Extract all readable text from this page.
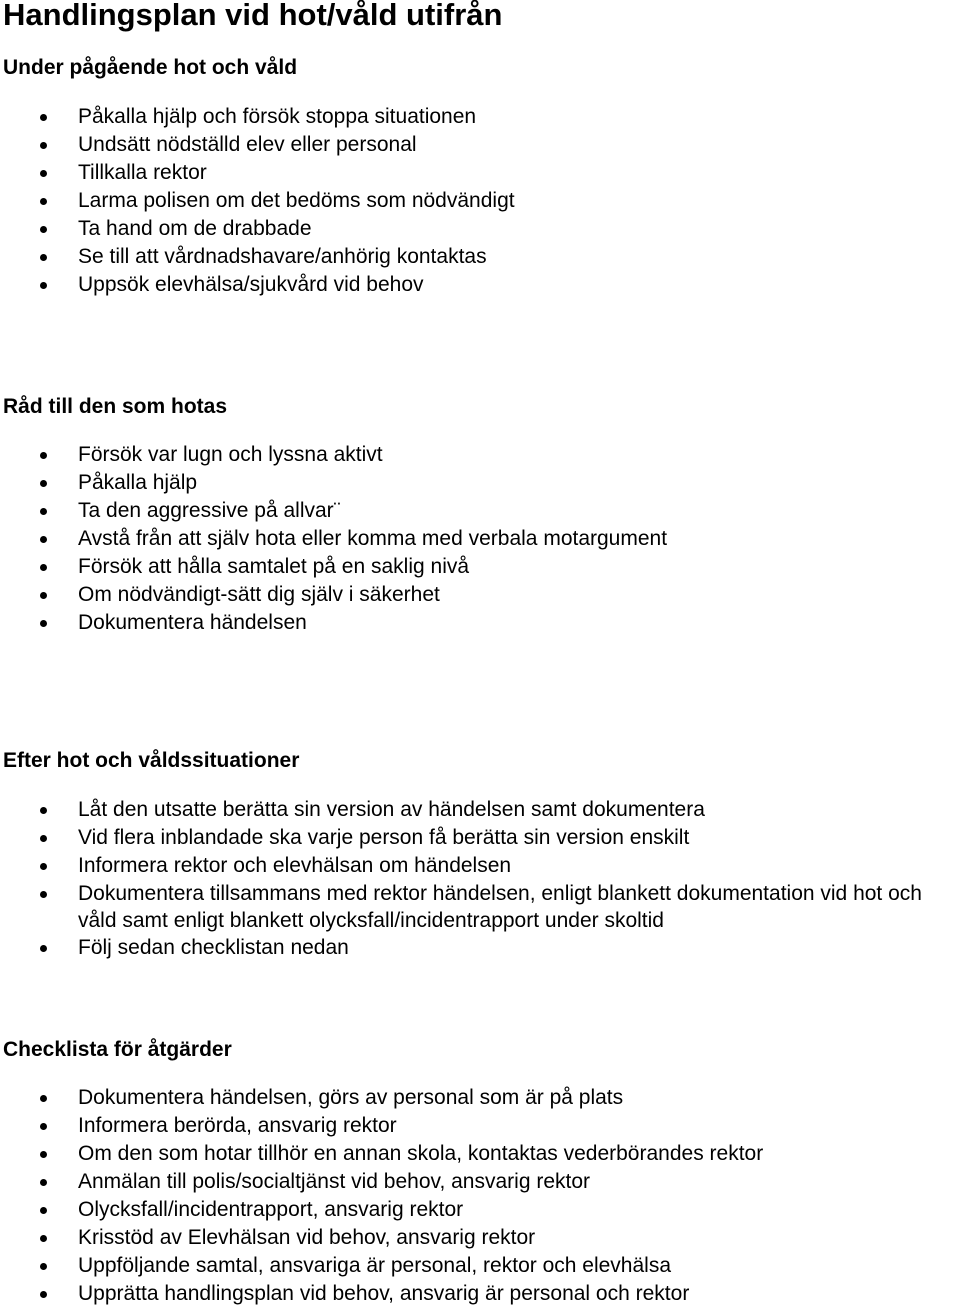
Handlingsplan vid hot/våld utifrån
Under pågående hot och våld
Påkalla hjälp och försök stoppa situationen
Undsätt nödställd elev eller personal
Tillkalla rektor
Larma polisen om det bedöms som nödvändigt
Ta hand om de drabbade
Se till att vårdnadshavare/anhörig kontaktas
Uppsök elevhälsa/sjukvård vid behov
Råd till den som hotas
Försök var lugn och lyssna aktivt
Påkalla hjälp
Ta den aggressive på allvar¨
Avstå från att själv hota eller komma med verbala motargument
Försök att hålla samtalet på en saklig nivå
Om nödvändigt-sätt dig själv i säkerhet
Dokumentera händelsen
Efter hot och våldssituationer
Låt den utsatte berätta sin version av händelsen samt dokumentera
Vid flera inblandade ska varje person få berätta sin version enskilt
Informera rektor och elevhälsan om händelsen
Dokumentera tillsammans med rektor händelsen, enligt blankett dokumentation vid hot och våld samt enligt blankett olycksfall/incidentrapport under skoltid
Följ sedan checklistan nedan
Checklista för åtgärder
Dokumentera händelsen, görs av personal som är på plats
Informera berörda, ansvarig rektor
Om den som hotar tillhör en annan skola, kontaktas vederbörandes rektor
Anmälan till polis/socialtjänst vid behov, ansvarig rektor
Olycksfall/incidentrapport, ansvarig rektor
Krisstöd av Elevhälsan vid behov, ansvarig rektor
Uppföljande samtal, ansvariga är personal, rektor och elevhälsa
Upprätta handlingsplan vid behov, ansvarig är personal och rektor
